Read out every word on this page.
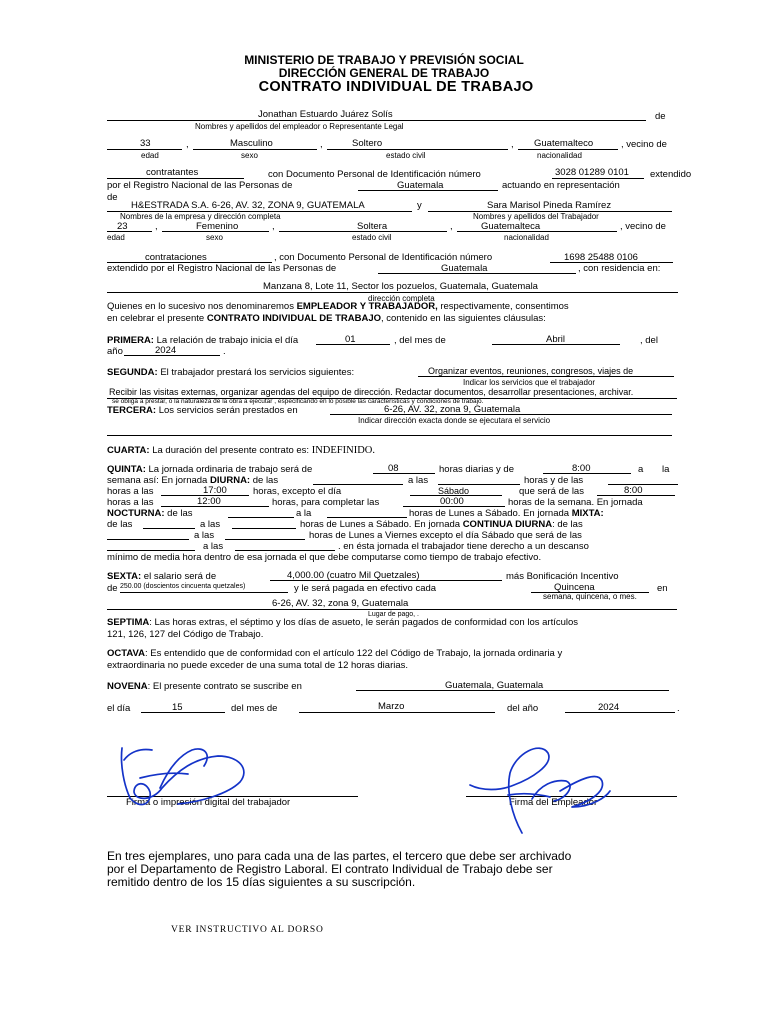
MINISTERIO DE TRABAJO Y PREVISIÓN SOCIAL
DIRECCIÓN GENERAL DE TRABAJO
CONTRATO INDIVIDUAL DE TRABAJO
Jonathan Estuardo Juárez Solís	de
Nombres y apellidos del empleador o Representante Legal
33	,	Masculino	,	Soltero	, Guatemalteco	, vecino de
edad	sexo	estado civil	nacionalidad
contratantes	con Documento Personal de Identificación número	3028 01289 0101 extendido
por el Registro Nacional de las Personas de	Guatemala	actuando en representación
de
H&ESTRADA S.A. 6-26, AV. 32, ZONA 9, GUATEMALA	y
Nombres de la empresa y dirección completa
Sara Marisol Pineda Ramírez
Nombres y apellidos del Trabajador
23	,	Femenino	,	Soltera	,	Guatemalteca	, vecino de
edad	sexo	estado civil	nacionalidad
contrataciones	, con Documento Personal de Identificación número	1698 25488 0106
extendido por el Registro Nacional de las Personas de	Guatemala	, con residencia en:
Manzana 8, Lote 11, Sector los pozuelos, Guatemala, Guatemala
dirección completa
Quienes en lo sucesivo nos denominaremos EMPLEADOR Y TRABAJADOR, respectivamente, consentimos
en celebrar el presente CONTRATO INDIVIDUAL DE TRABAJO, contenido en las siguientes cláusulas:
PRIMERA: La relación de trabajo inicia el día	01	, del mes de	Abril	, del
año	2024	.
SEGUNDA: El trabajador prestará los servicios siguientes:	Organizar eventos, reuniones, congresos, viajes de
Indicar los servicios que el trabajador
Recibir las visitas externas, organizar agendas del equipo de dirección. Redactar documentos, desarrollar presentaciones, archivar.
se obliga a prestar, o la naturaleza de la obra a ejecutar , especificando en lo posible las características y condiciones de trabajo.
TERCERA: Los servicios serán prestados en	6-26, AV. 32, zona 9, Guatemala
Indicar dirección exacta donde se ejecutara el servicio
CUARTA: La duración del presente contrato es: INDEFINIDO.
QUINTA: La jornada ordinaria de trabajo será de	08	horas diarias y de	8:00	a la
semana así: En jornada DIURNA: de las	a las	horas y de las
horas a las	17:00	horas, excepto el día	Sábado	que será de las	8:00
horas a las	12:00	horas, para completar las	00:00	horas de la semana. En jornada
NOCTURNA: de las	a la	horas de Lunes a Sábado. En jornada MIXTA:
de las	a las	horas de Lunes a Sábado. En jornada CONTINUA DIURNA: de las
a las	horas de Lunes a Viernes excepto el día Sábado que será de las
a las	. en ésta jornada el trabajador tiene derecho a un descanso
mínimo de media hora dentro de esa jornada el que debe computarse como tiempo de trabajo efectivo.
SEXTA: el salario será de	4,000.00 (cuatro Mil Quetzales)	más Bonificación Incentivo
de 250.00 (doscientos cincuenta quetzales)	y le será pagada en efectivo cada	Quincena	en
semana, quincena, o mes.
6-26, AV. 32, zona 9, Guatemala
Lugar de pago, .
SEPTIMA: Las horas extras, el séptimo y los días de asueto, le serán pagados de conformidad con los artículos
121, 126, 127 del Código de Trabajo.
OCTAVA: Es entendido que de conformidad con el artículo 122 del Código de Trabajo, la jornada ordinaria y
extraordinaria no puede exceder de una suma total de 12 horas diarias.
NOVENA: El presente contrato se suscribe en	Guatemala, Guatemala
el día	15	del mes de	Marzo	del año	2024	.
Firma o impresión digital del trabajador	Firma del Empleador
En tres ejemplares, uno para cada una de las partes, el tercero que debe ser archivado
por el Departamento de Registro Laboral. El contrato Individual de Trabajo debe ser
remitido dentro de los 15 días siguientes a su suscripción.
VER INSTRUCTIVO AL DORSO
